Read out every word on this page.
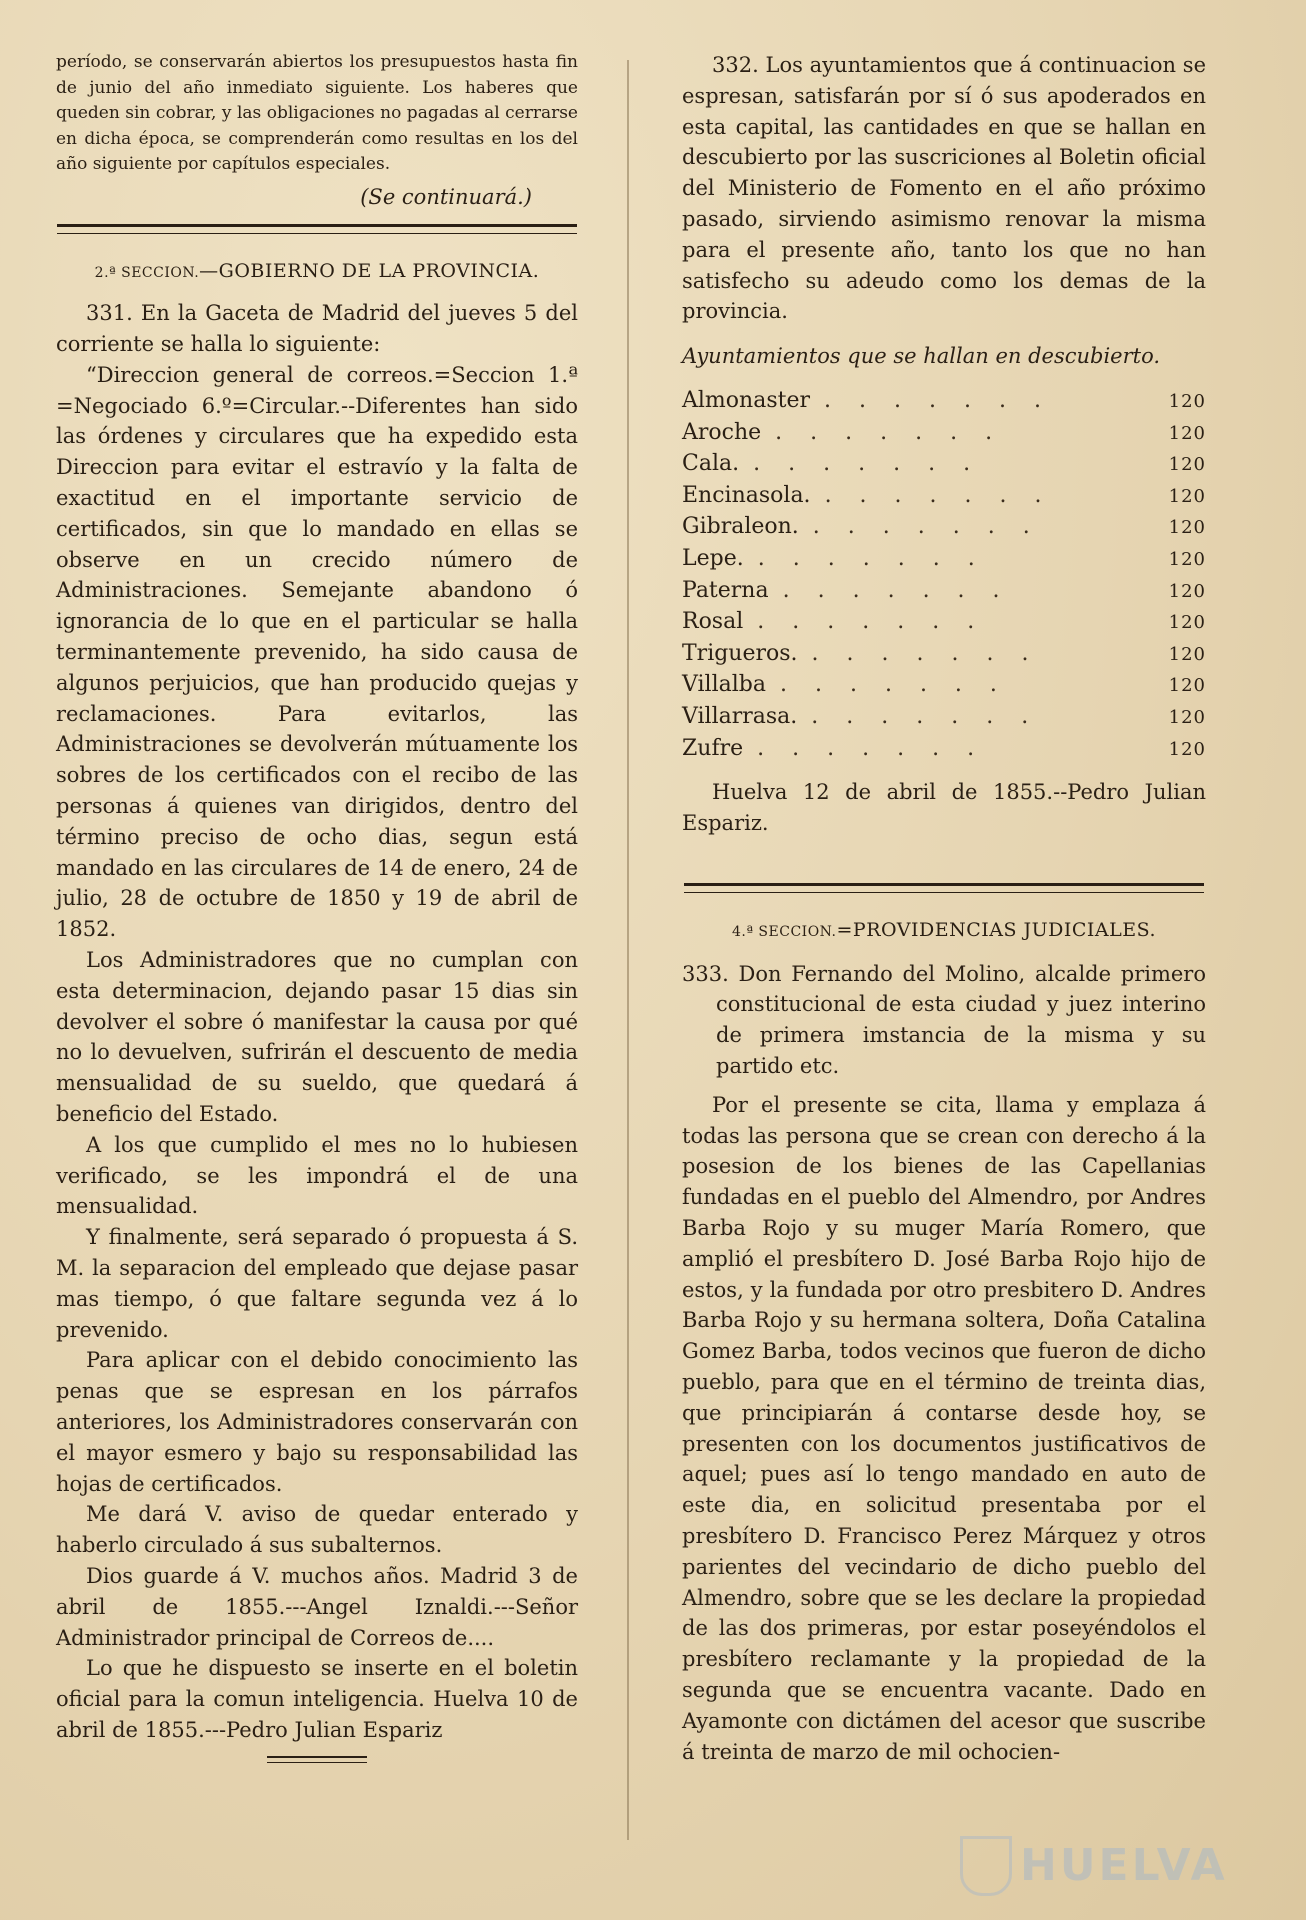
período, se conservarán abiertos los presupuestos hasta fin de junio del año inmediato siguiente. Los haberes que queden sin cobrar, y las obligaciones no pagadas al cerrarse en dicha época, se comprenderán como resultas en los del año siguiente por capítulos especiales.

(Se continuará.)

2.ª SECCION.—GOBIERNO DE LA PROVINCIA.

331. En la Gaceta de Madrid del jueves 5 del corriente se halla lo siguiente:

“Direccion general de correos.=Seccion 1.ª =Negociado 6.º=Circular.--Diferentes han sido las órdenes y circulares que ha expedido esta Direccion para evitar el estravío y la falta de exactitud en el importante servicio de certificados, sin que lo mandado en ellas se observe en un crecido número de Administraciones. Semejante abandono ó ignorancia de lo que en el particular se halla terminantemente prevenido, ha sido causa de algunos perjuicios, que han producido quejas y reclamaciones. Para evitarlos, las Administraciones se devolverán mútuamente los sobres de los certificados con el recibo de las personas á quienes van dirigidos, dentro del término preciso de ocho dias, segun está mandado en las circulares de 14 de enero, 24 de julio, 28 de octubre de 1850 y 19 de abril de 1852.

Los Administradores que no cumplan con esta determinacion, dejando pasar 15 dias sin devolver el sobre ó manifestar la causa por qué no lo devuelven, sufrirán el descuento de media mensualidad de su sueldo, que quedará á beneficio del Estado.

A los que cumplido el mes no lo hubiesen verificado, se les impondrá el de una mensualidad.

Y finalmente, será separado ó propuesta á S. M. la separacion del empleado que dejase pasar mas tiempo, ó que faltare segunda vez á lo prevenido.

Para aplicar con el debido conocimiento las penas que se espresan en los párrafos anteriores, los Administradores conservarán con el mayor esmero y bajo su responsabilidad las hojas de certificados.

Me dará V. aviso de quedar enterado y haberlo circulado á sus subalternos.

Dios guarde á V. muchos años. Madrid 3 de abril de 1855.---Angel Iznaldi.---Señor Administrador principal de Correos de....

Lo que he dispuesto se inserte en el boletin oficial para la comun inteligencia. Huelva 10 de abril de 1855.---Pedro Julian Espariz

332. Los ayuntamientos que á continuacion se espresan, satisfarán por sí ó sus apoderados en esta capital, las cantidades en que se hallan en descubierto por las suscriciones al Boletin oficial del Ministerio de Fomento en el año próximo pasado, sirviendo asimismo renovar la misma para el presente año, tanto los que no han satisfecho su adeudo como los demas de la provincia.

Ayuntamientos que se hallan en descubierto.

Almonaster .......	120
Aroche .......	120
Cala. .......	120
Encinasola. .......	120
Gibraleon. .......	120
Lepe. .......	120
Paterna .......	120
Rosal .......	120
Trigueros. .......	120
Villalba .......	120
Villarrasa. .......	120
Zufre .......	120

Huelva 12 de abril de 1855.--Pedro Julian Espariz.

4.ª SECCION.=PROVIDENCIAS JUDICIALES.

333. Don Fernando del Molino, alcalde primero constitucional de esta ciudad y juez interino de primera imstancia de la misma y su partido etc.

Por el presente se cita, llama y emplaza á todas las persona que se crean con derecho á la posesion de los bienes de las Capellanias fundadas en el pueblo del Almendro, por Andres Barba Rojo y su muger María Romero, que amplió el presbítero D. José Barba Rojo hijo de estos, y la fundada por otro presbitero D. Andres Barba Rojo y su hermana soltera, Doña Catalina Gomez Barba, todos vecinos que fueron de dicho pueblo, para que en el término de treinta dias, que principiarán á contarse desde hoy, se presenten con los documentos justificativos de aquel; pues así lo tengo mandado en auto de este dia, en solicitud presentaba por el presbítero D. Francisco Perez Márquez y otros parientes del vecindario de dicho pueblo del Almendro, sobre que se les declare la propiedad de las dos primeras, por estar poseyéndolos el presbítero reclamante y la propiedad de la segunda que se encuentra vacante. Dado en Ayamonte con dictámen del acesor que suscribe á treinta de marzo de mil ochocien-

HUELVA
